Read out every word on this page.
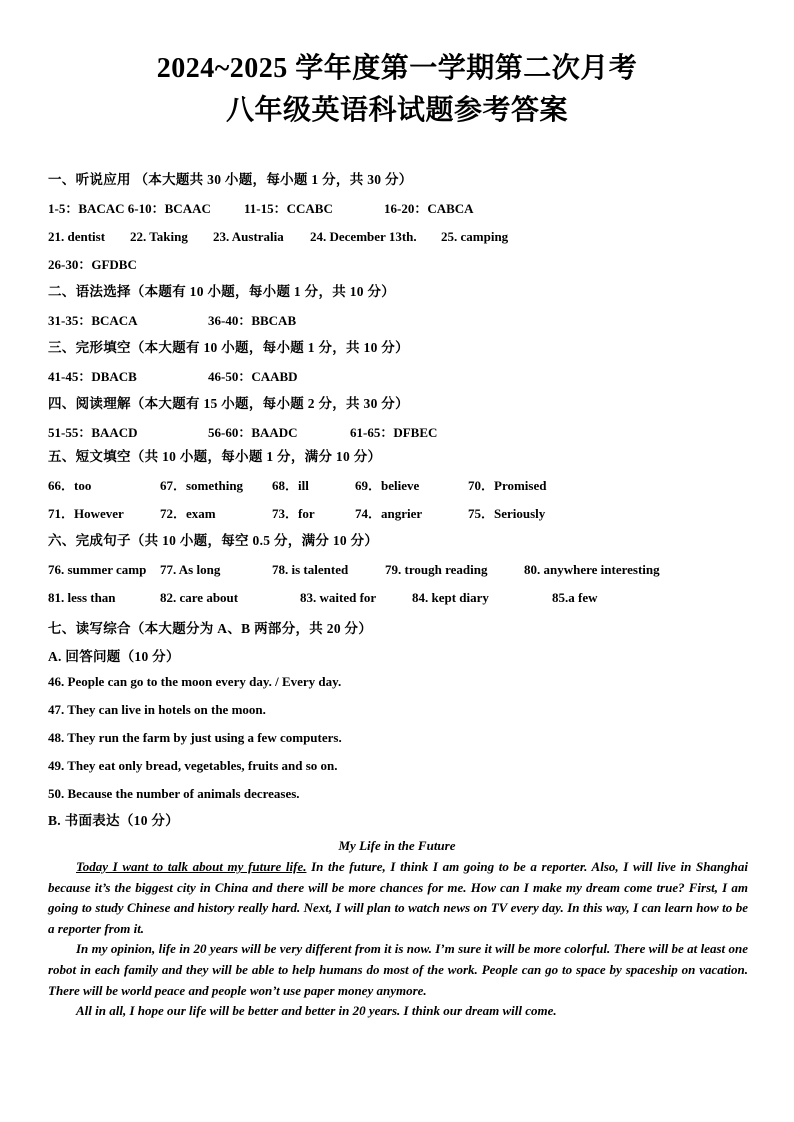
2024~2025 学年度第一学期第二次月考
八年级英语科试题参考答案
一、听说应用 （本大题共 30 小题，每小题 1 分，共 30 分）
1-5：BACAC 6-10：BCAAC	11-15：CCABC	16-20：CABCA
21. dentist 22. Taking 23. Australia 24. December 13th. 25. camping
26-30：GFDBC
二、语法选择（本题有 10 小题，每小题 1 分，共 10 分）
31-35：BCACA	36-40：BBCAB
三、完形填空（本大题有 10 小题，每小题 1 分，共 10 分）
41-45：DBACB	46-50：CAABD
四、阅读理解（本大题有 15 小题，每小题 2 分，共 30 分）
51-55：BAACD	56-60：BAADC	61-65：DFBEC
五、短文填空（共 10 小题，每小题 1 分，满分 10 分）
66．too	67．something 68．ill	69．believe	70．Promised
71．However	72．exam	73．for	74．angrier	75．Seriously
六、完成句子（共 10 小题，每空 0.5 分，满分 10 分）
76. summer camp 77. As long	78. is talented	79. trough reading	80. anywhere interesting
81. less than	82. care about	83. waited for	84. kept diary	85.a few
七、读写综合（本大题分为 A、B 两部分，共 20 分）
A. 回答问题（10 分）
46. People can go to the moon every day. / Every day.
47. They can live in hotels on the moon.
48. They run the farm by just using a few computers.
49. They eat only bread, vegetables, fruits and so on.
50. Because the number of animals decreases.
B. 书面表达（10 分）
My Life in the Future

Today I want to talk about my future life. In the future, I think I am going to be a reporter. Also, I will live in Shanghai because it’s the biggest city in China and there will be more chances for me. How can I make my dream come true? First, I am going to study Chinese and history really hard. Next, I will plan to watch news on TV every day. In this way, I can learn how to be a reporter from it.

In my opinion, life in 20 years will be very different from it is now. I’m sure it will be more colorful. There will be at least one robot in each family and they will be able to help humans do most of the work. People can go to space by spaceship on vacation. There will be world peace and people won’t use paper money anymore.

All in all, I hope our life will be better and better in 20 years. I think our dream will come.
